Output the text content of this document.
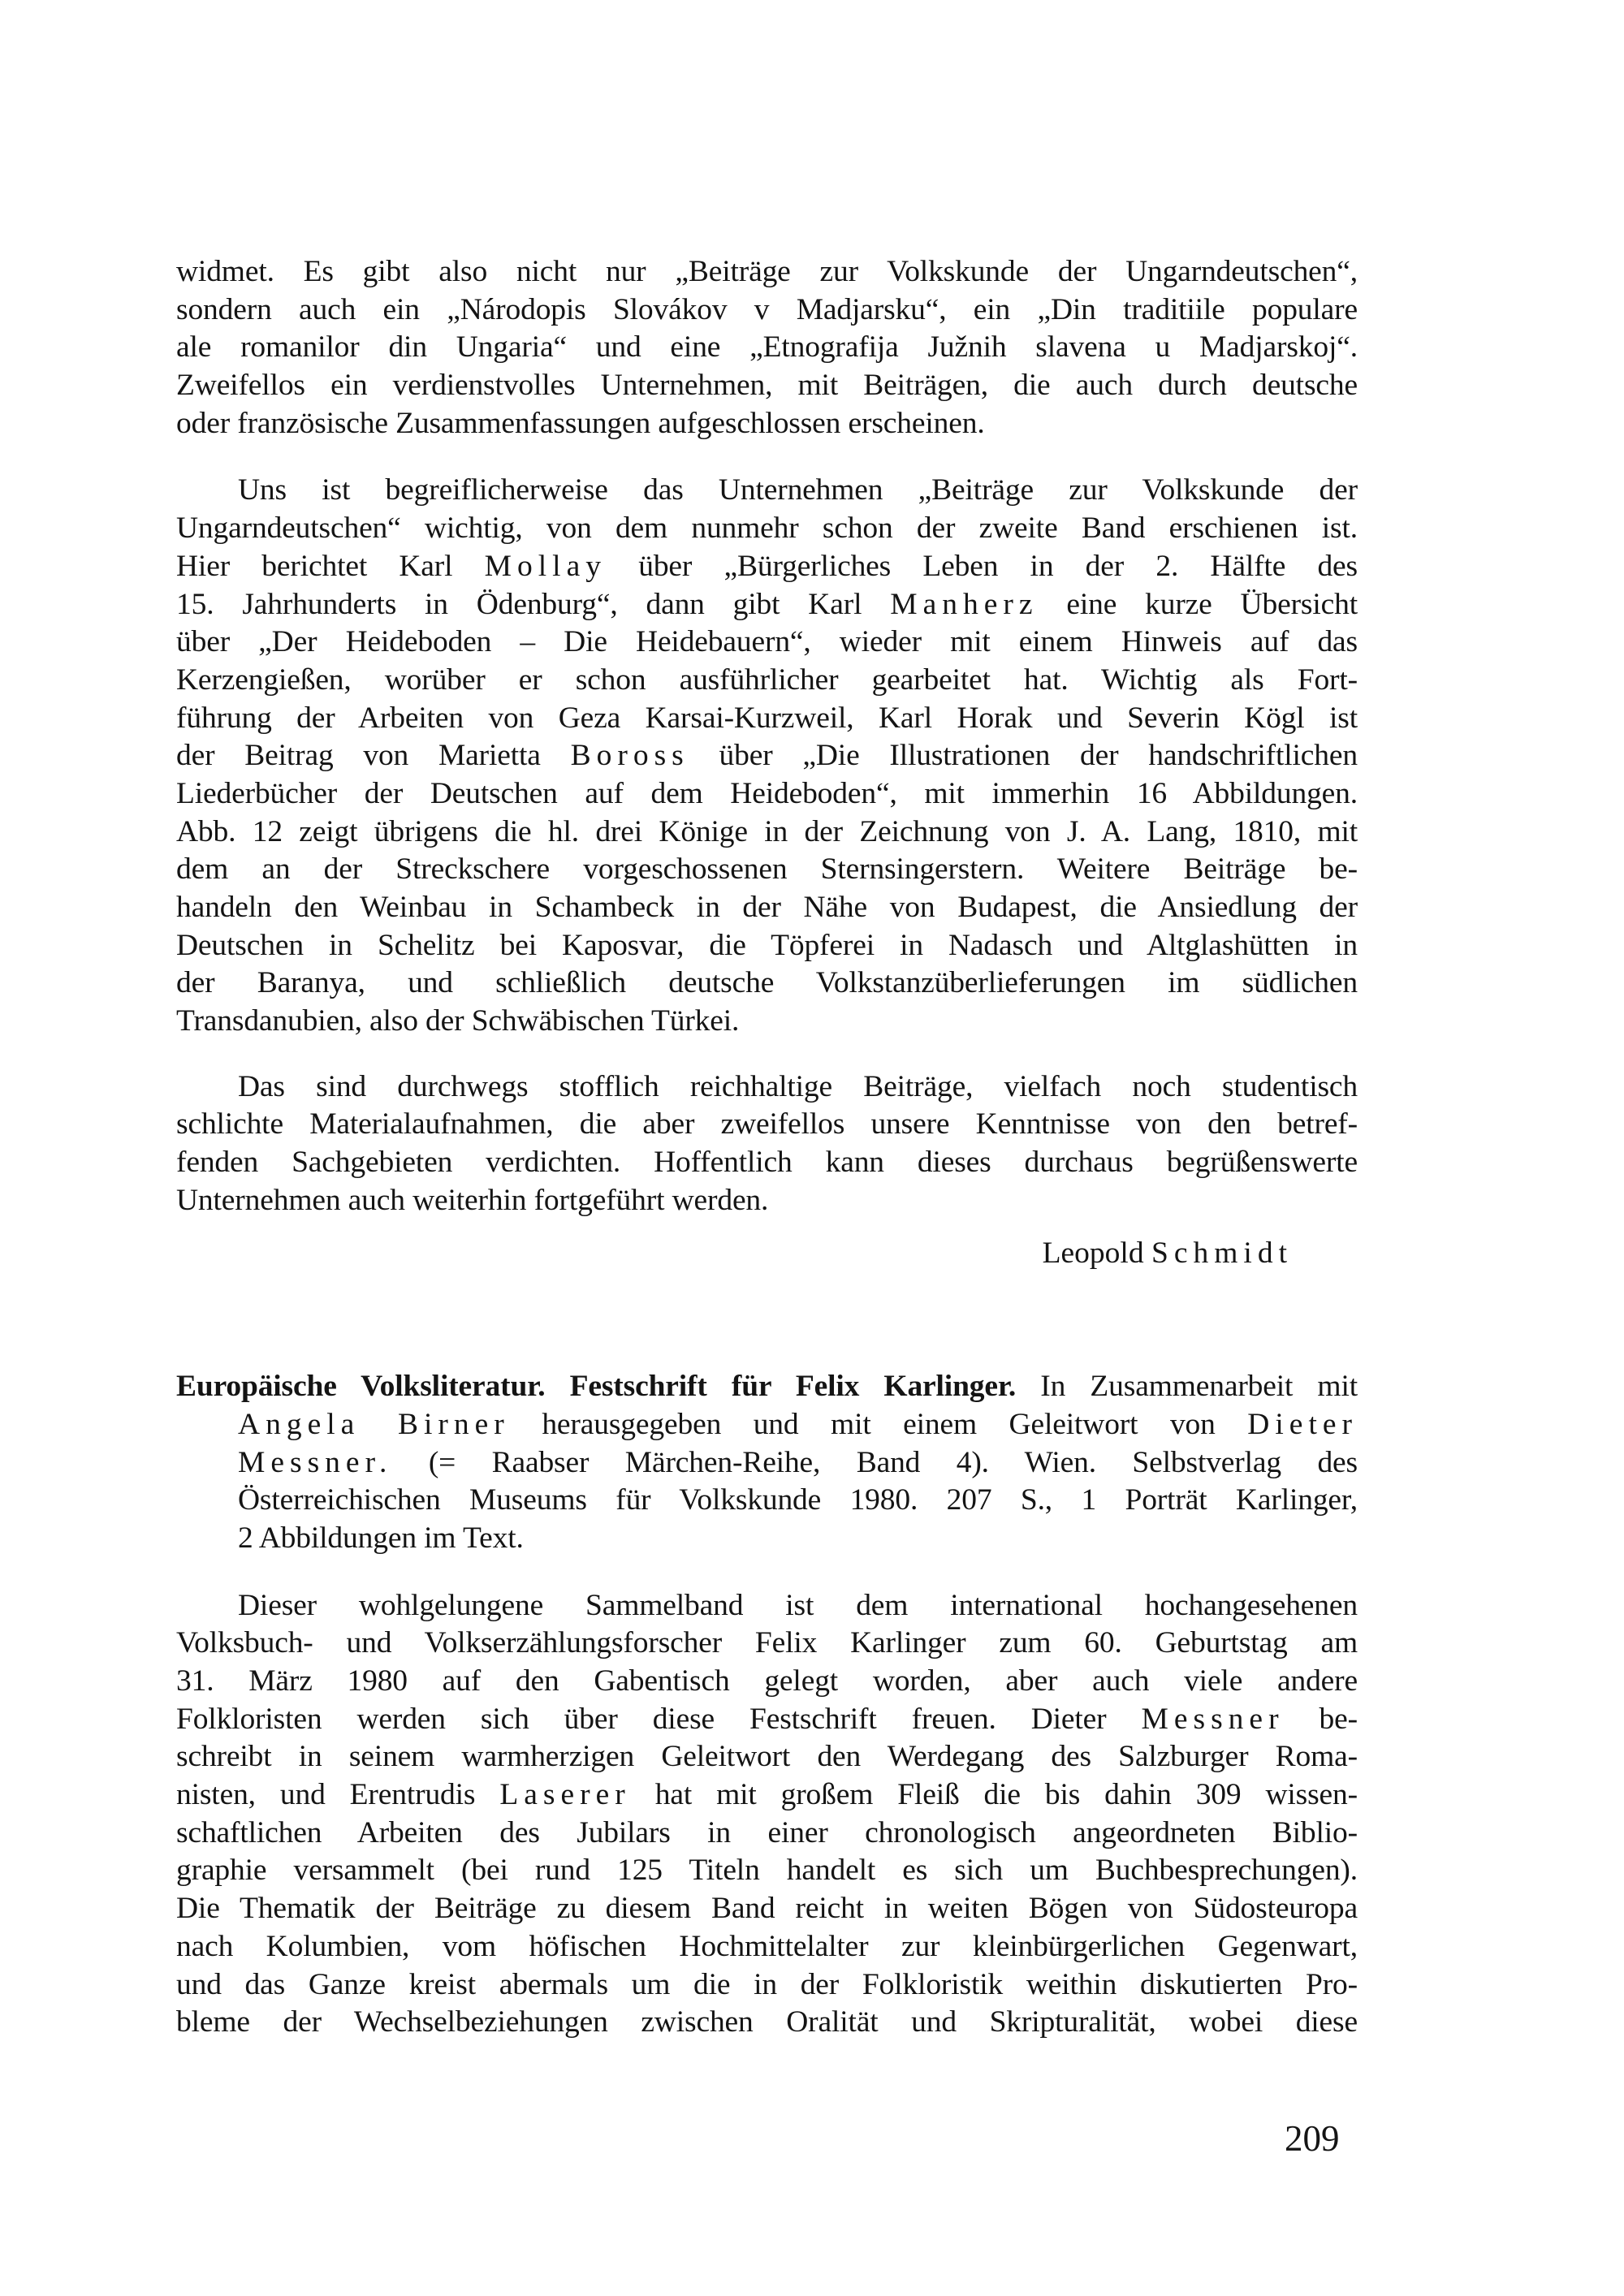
widmet. Es gibt also nicht nur „Beiträge zur Volkskunde der Ungarndeutschen“,
sondern auch ein „Národopis Slovákov v Madjarsku“, ein „Din traditiile populare
ale romanilor din Ungaria“ und eine „Etnografija Južnih slavena u Madjarskoj“.
Zweifellos ein verdienstvolles Unternehmen, mit Beiträgen, die auch durch deutsche
oder französische Zusammenfassungen aufgeschlossen erscheinen.
Uns ist begreiflicherweise das Unternehmen „Beiträge zur Volkskunde der
Ungarndeutschen“ wichtig, von dem nunmehr schon der zweite Band erschienen ist.
Hier berichtet Karl Mollay über „Bürgerliches Leben in der 2. Hälfte des
15. Jahrhunderts in Ödenburg“, dann gibt Karl Manherz eine kurze Übersicht
über „Der Heideboden – Die Heidebauern“, wieder mit einem Hinweis auf das
Kerzengießen, worüber er schon ausführlicher gearbeitet hat. Wichtig als Fort-
führung der Arbeiten von Geza Karsai-Kurzweil, Karl Horak und Severin Kögl ist
der Beitrag von Marietta Boross über „Die Illustrationen der handschriftlichen
Liederbücher der Deutschen auf dem Heideboden“, mit immerhin 16 Abbildungen.
Abb. 12 zeigt übrigens die hl. drei Könige in der Zeichnung von J. A. Lang, 1810, mit
dem an der Streckschere vorgeschossenen Sternsingerstern. Weitere Beiträge be-
handeln den Weinbau in Schambeck in der Nähe von Budapest, die Ansiedlung der
Deutschen in Schelitz bei Kaposvar, die Töpferei in Nadasch und Altglashütten in
der Baranya, und schließlich deutsche Volkstanzüberlieferungen im südlichen
Transdanubien, also der Schwäbischen Türkei.
Das sind durchwegs stofflich reichhaltige Beiträge, vielfach noch studentisch
schlichte Materialaufnahmen, die aber zweifellos unsere Kenntnisse von den betref-
fenden Sachgebieten verdichten. Hoffentlich kann dieses durchaus begrüßenswerte
Unternehmen auch weiterhin fortgeführt werden.
Leopold Schmidt
Europäische Volksliteratur. Festschrift für Felix Karlinger. In Zusammenarbeit mit
Angela Birner herausgegeben und mit einem Geleitwort von Dieter
Messner. (= Raabser Märchen-Reihe, Band 4). Wien. Selbstverlag des
Österreichischen Museums für Volkskunde 1980. 207 S., 1 Porträt Karlinger,
2 Abbildungen im Text.
Dieser wohlgelungene Sammelband ist dem international hochangesehenen
Volksbuch- und Volkserzählungsforscher Felix Karlinger zum 60. Geburtstag am
31. März 1980 auf den Gabentisch gelegt worden, aber auch viele andere
Folkloristen werden sich über diese Festschrift freuen. Dieter Messner be-
schreibt in seinem warmherzigen Geleitwort den Werdegang des Salzburger Roma-
nisten, und Erentrudis Laserer hat mit großem Fleiß die bis dahin 309 wissen-
schaftlichen Arbeiten des Jubilars in einer chronologisch angeordneten Biblio-
graphie versammelt (bei rund 125 Titeln handelt es sich um Buchbesprechungen).
Die Thematik der Beiträge zu diesem Band reicht in weiten Bögen von Südosteuropa
nach Kolumbien, vom höfischen Hochmittelalter zur kleinbürgerlichen Gegenwart,
und das Ganze kreist abermals um die in der Folkloristik weithin diskutierten Pro-
bleme der Wechselbeziehungen zwischen Oralität und Skripturalität, wobei diese
209
